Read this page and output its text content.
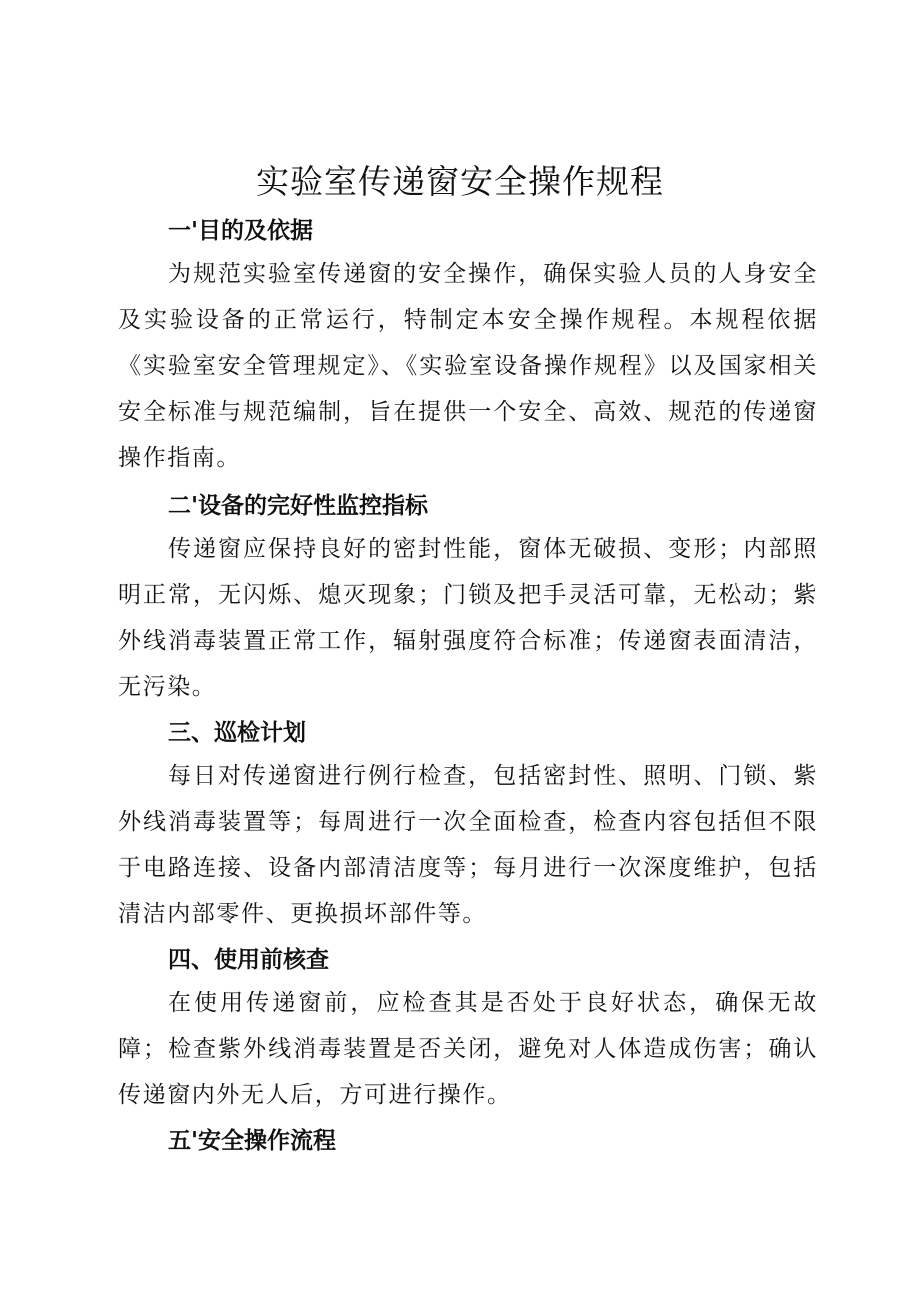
实验室传递窗安全操作规程
一'目的及依据

为规范实验室传递窗的安全操作，确保实验人员的人身安全及实验设备的正常运行，特制定本安全操作规程。本规程依据《实验室安全管理规定》、《实验室设备操作规程》以及国家相关安全标准与规范编制，旨在提供一个安全、高效、规范的传递窗操作指南。

二'设备的完好性监控指标

传递窗应保持良好的密封性能，窗体无破损、变形；内部照明正常，无闪烁、熄灭现象；门锁及把手灵活可靠，无松动；紫外线消毒装置正常工作，辐射强度符合标准；传递窗表面清洁，无污染。

三、巡检计划

每日对传递窗进行例行检查，包括密封性、照明、门锁、紫外线消毒装置等；每周进行一次全面检查，检查内容包括但不限于电路连接、设备内部清洁度等；每月进行一次深度维护，包括清洁内部零件、更换损坏部件等。

四、使用前核查

在使用传递窗前，应检查其是否处于良好状态，确保无故障；检查紫外线消毒装置是否关闭，避免对人体造成伤害；确认传递窗内外无人后，方可进行操作。

五'安全操作流程
